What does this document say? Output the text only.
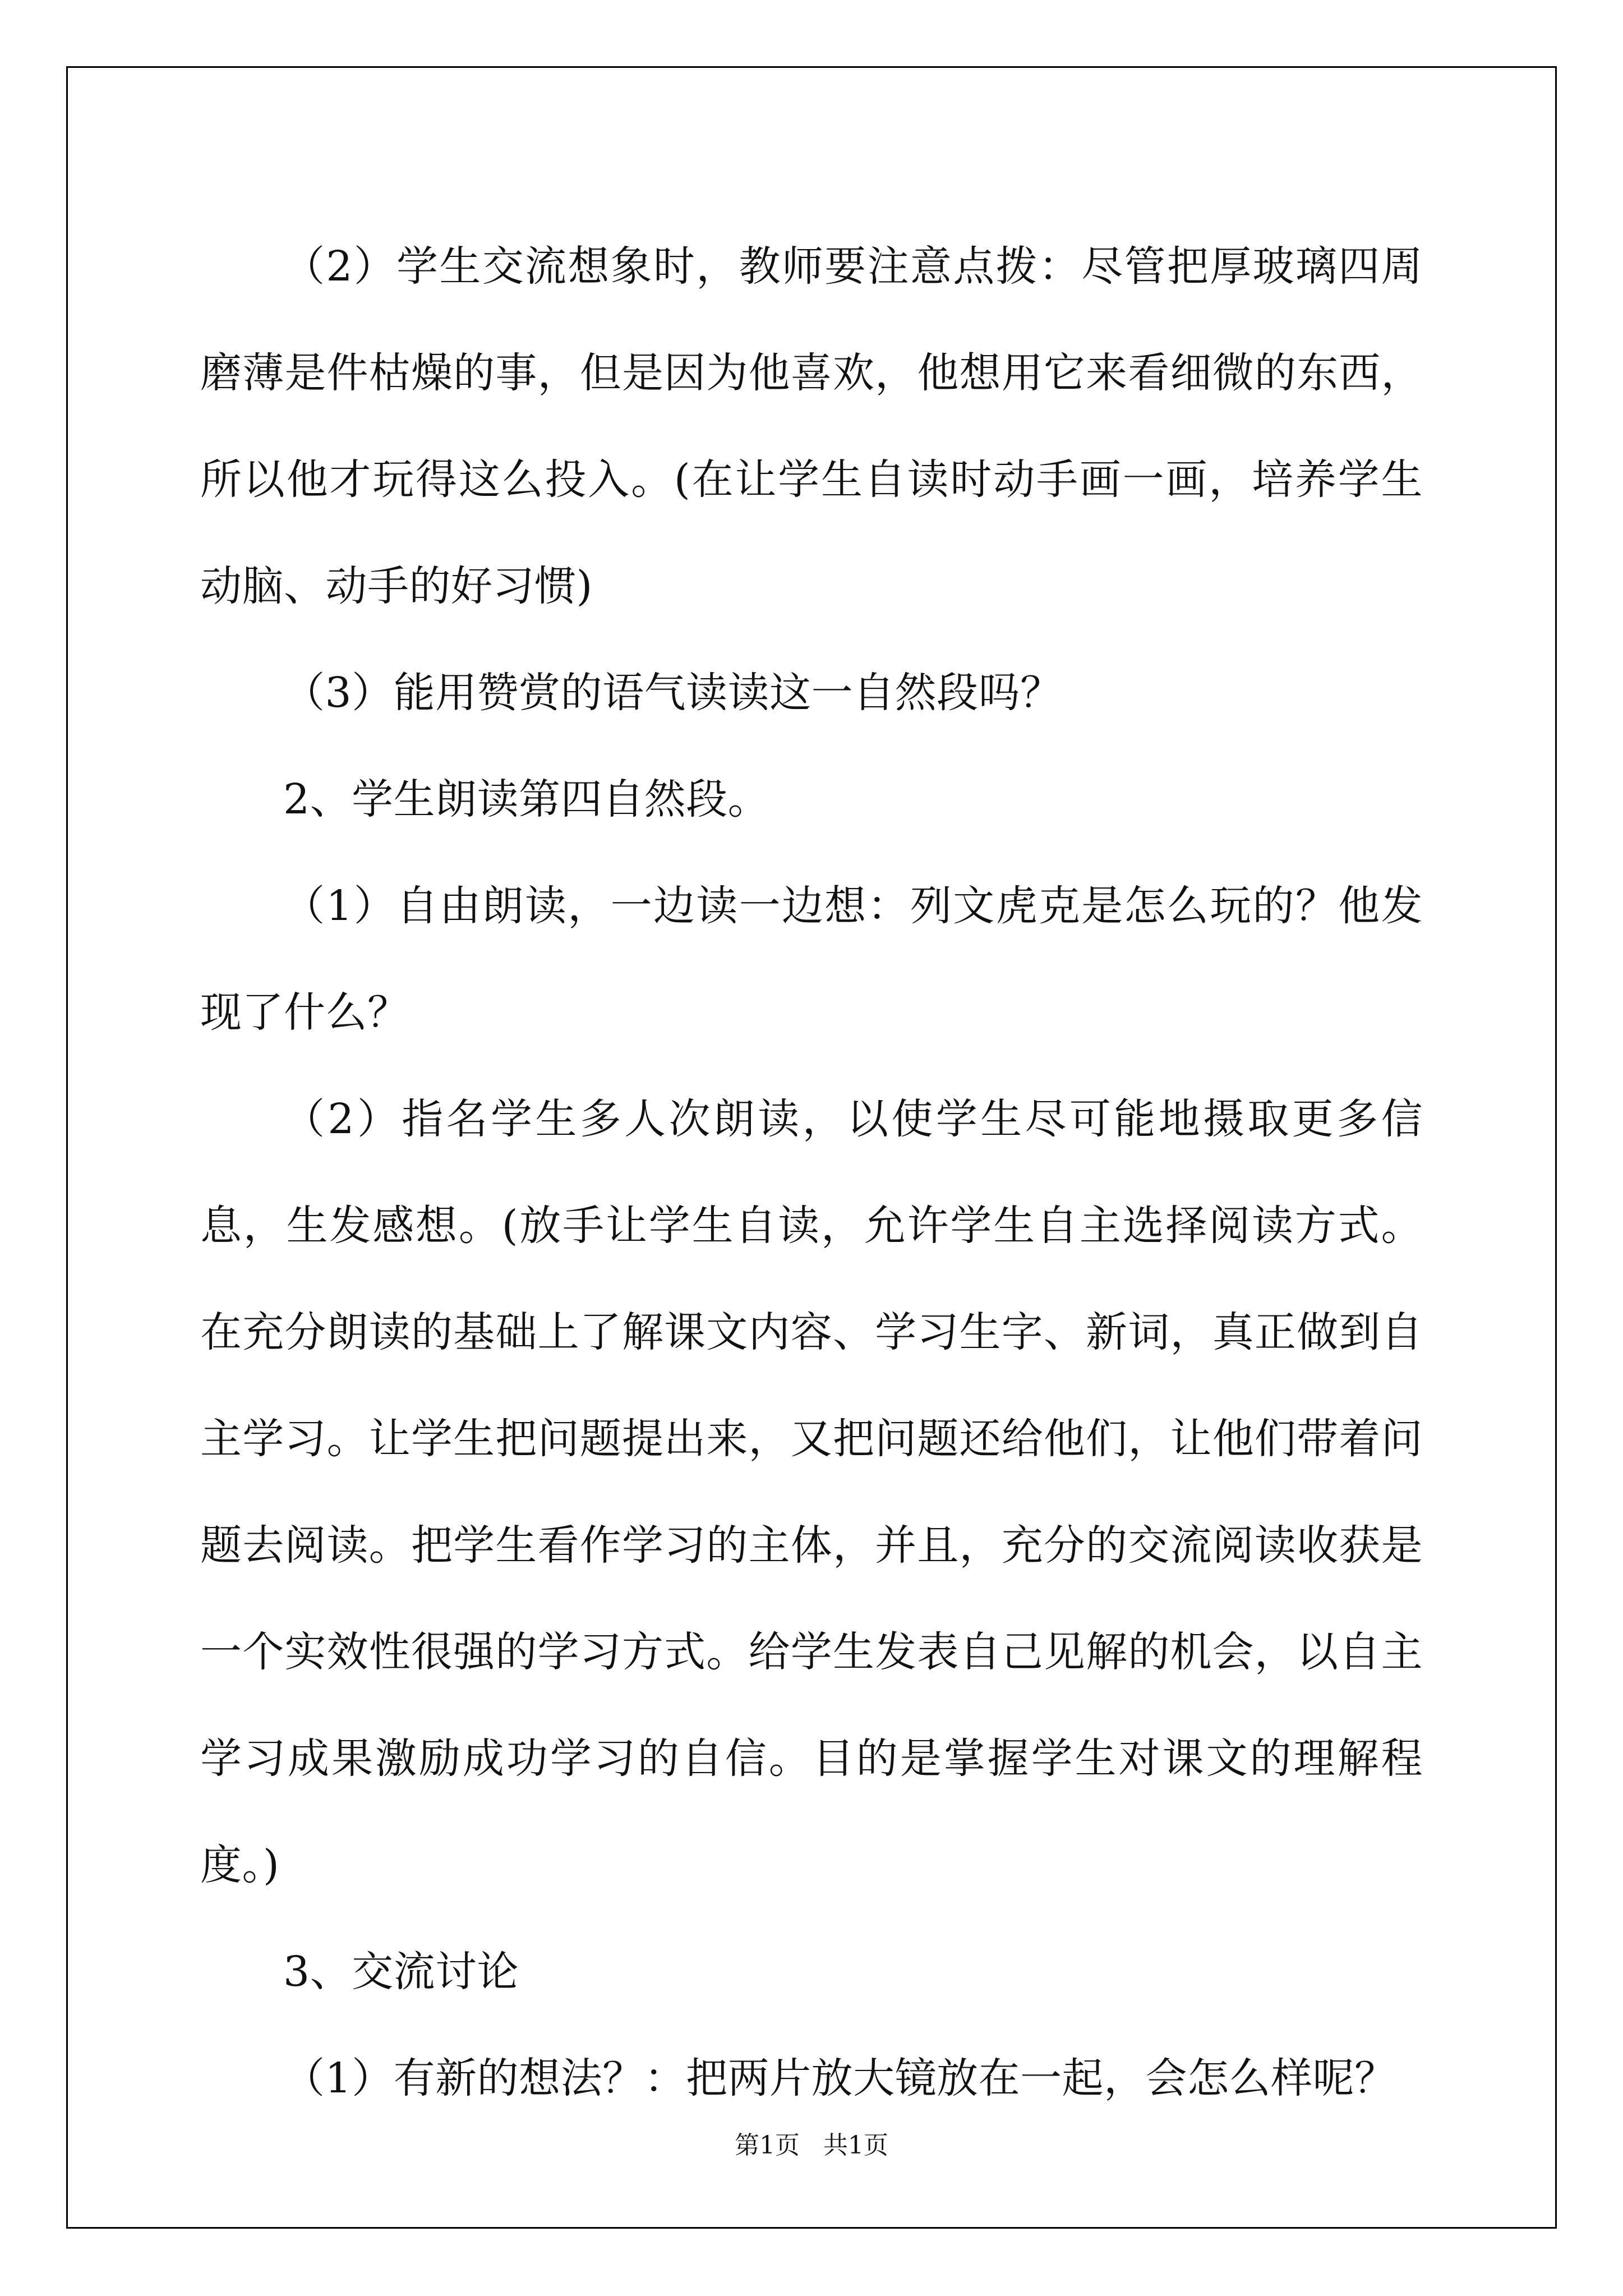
（2）学生交流想象时，教师要注意点拨：尽管把厚玻璃四周磨薄是件枯燥的事，但是因为他喜欢，他想用它来看细微的东西，所以他才玩得这么投入。(在让学生自读时动手画一画，培养学生动脑、动手的好习惯)

（3）能用赞赏的语气读读这一自然段吗？

2、学生朗读第四自然段。

（1）自由朗读，一边读一边想：列文虎克是怎么玩的？他发现了什么？

（2）指名学生多人次朗读，以使学生尽可能地摄取更多信息，生发感想。(放手让学生自读，允许学生自主选择阅读方式。在充分朗读的基础上了解课文内容、学习生字、新词，真正做到自主学习。让学生把问题提出来，又把问题还给他们，让他们带着问题去阅读。把学生看作学习的主体，并且，充分的交流阅读收获是一个实效性很强的学习方式。给学生发表自己见解的机会，以自主学习成果激励成功学习的自信。目的是掌握学生对课文的理解程度。)

3、交流讨论

（1）有新的想法？：把两片放大镜放在一起，会怎么样呢？

第1页 共1页
